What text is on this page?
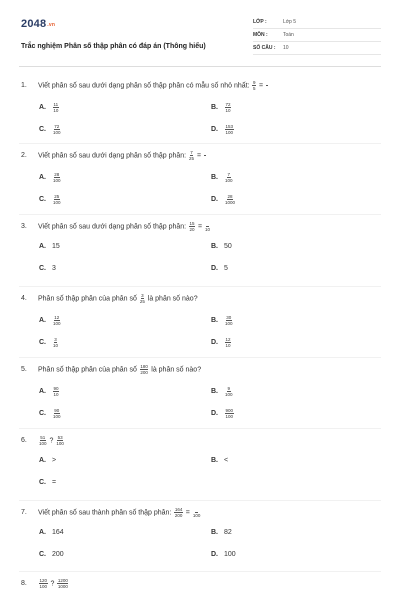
2048.vn
Trắc nghiệm Phân số thập phân có đáp án (Thông hiểu)
LỚP :	Lớp 5
MÔN :	Toán
SỐ CÂU : 10
1. Viết phân số sau dưới dạng phân số thập phân có mẫu số nhỏ nhất: $\frac{9}{5}$ =

A. $\frac{11}{10}$	B. $\frac{72}{10}$
C. $\frac{72}{100}$	D. $\frac{153}{100}$
2. Viết phân số sau dưới dạng phân số thập phân: $\frac{7}{25}$ =

A. $\frac{28}{100}$	B. $\frac{7}{100}$
C. $\frac{25}{100}$	D. $\frac{28}{1000}$
3. Viết phân số sau dưới dạng phân số thập phân: $\frac{15}{20}$ =
10
A. 15	B. 50
C. 3	D. 5
4. Phân số thập phân của phân số $\frac{3}{25}$ là phân số nào?
A. $\frac{12}{100}$	B. $\frac{30}{100}$
C. $\frac{3}{10}$	D. $\frac{12}{10}$
5. Phân số thập phân của phân số $\frac{180}{200}$ là phân số nào?
A. $\frac{90}{10}$	B. $\frac{9}{100}$
C. $\frac{90}{100}$	D. $\frac{900}{100}$
6.	$\frac{51}{100}$ ? $\frac{53}{100}$
A. >	B. <
C. =
7. Viết phân số sau thành phân số thập phân: $\frac{164}{200}$ =
100
A. 164	B. 82
C. 200	D. 100
8.	$\frac{120}{100}$ ? $\frac{1200}{1000}$
